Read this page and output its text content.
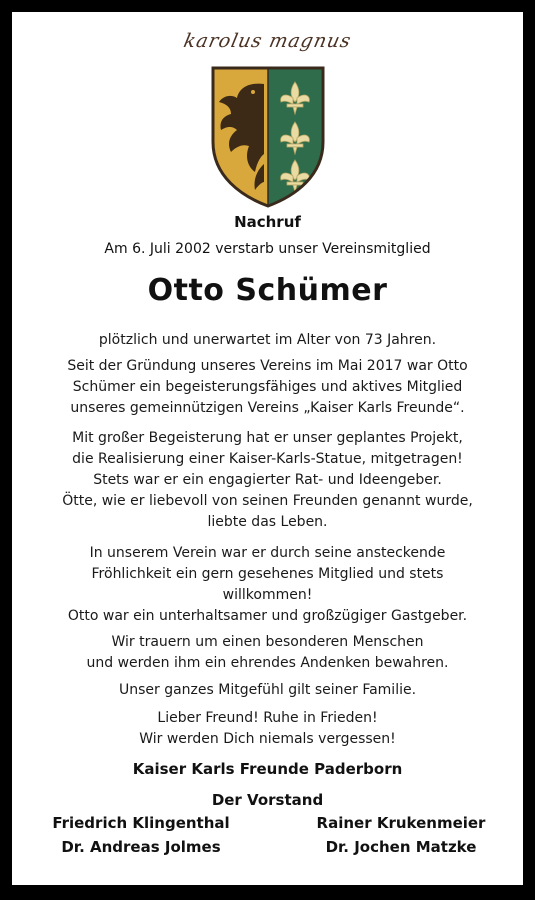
karolus magnus
Nachruf
Am 6. Juli 2002 verstarb unser Vereinsmitglied
Otto Schümer
plötzlich und unerwartet im Alter von 73 Jahren.
Seit der Gründung unseres Vereins im Mai 2017 war Otto
Schümer ein begeisterungsfähiges und aktives Mitglied
unseres gemeinnützigen Vereins „Kaiser Karls Freunde“.
Mit großer Begeisterung hat er unser geplantes Projekt,
die Realisierung einer Kaiser-Karls-Statue, mitgetragen!
Stets war er ein engagierter Rat- und Ideengeber.
Ötte, wie er liebevoll von seinen Freunden genannt wurde,
liebte das Leben.
In unserem Verein war er durch seine ansteckende
Fröhlichkeit ein gern gesehenes Mitglied und stets
willkommen!
Otto war ein unterhaltsamer und großzügiger Gastgeber.
Wir trauern um einen besonderen Menschen
und werden ihm ein ehrendes Andenken bewahren.
Unser ganzes Mitgefühl gilt seiner Familie.
Lieber Freund! Ruhe in Frieden!
Wir werden Dich niemals vergessen!
Kaiser Karls Freunde Paderborn
Der Vorstand
Friedrich Klingenthal
Dr. Andreas Jolmes
Rainer Krukenmeier
Dr. Jochen Matzke
